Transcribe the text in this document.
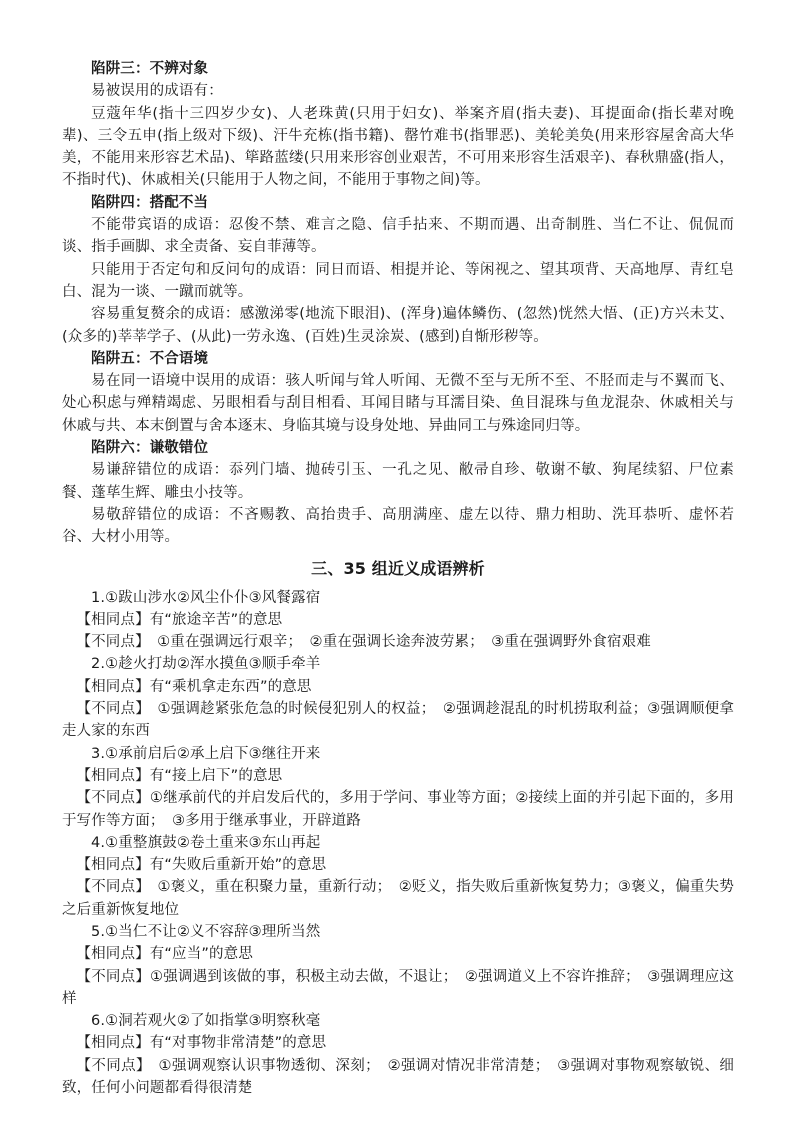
陷阱三：不辨对象

易被误用的成语有：

豆蔻年华(指十三四岁少女)、人老珠黄(只用于妇女)、举案齐眉(指夫妻)、耳提面命(指长辈对晚辈)、三令五申(指上级对下级)、汗牛充栋(指书籍)、罄竹难书(指罪恶)、美轮美奂(用来形容屋舍高大华美，不能用来形容艺术品)、筚路蓝缕(只用来形容创业艰苦，不可用来形容生活艰辛)、春秋鼎盛(指人，不指时代)、休戚相关(只能用于人物之间，不能用于事物之间)等。

陷阱四：搭配不当

不能带宾语的成语：忍俊不禁、难言之隐、信手拈来、不期而遇、出奇制胜、当仁不让、侃侃而谈、指手画脚、求全责备、妄自菲薄等。

只能用于否定句和反问句的成语：同日而语、相提并论、等闲视之、望其项背、天高地厚、青红皂白、混为一谈、一蹴而就等。

容易重复赘余的成语：感激涕零(地流下眼泪)、(浑身)遍体鳞伤、(忽然)恍然大悟、(正)方兴未艾、(众多的)莘莘学子、(从此)一劳永逸、(百姓)生灵涂炭、(感到)自惭形秽等。

陷阱五：不合语境

易在同一语境中误用的成语：骇人听闻与耸人听闻、无微不至与无所不至、不胫而走与不翼而飞、处心积虑与殚精竭虑、另眼相看与刮目相看、耳闻目睹与耳濡目染、鱼目混珠与鱼龙混杂、休戚相关与休戚与共、本末倒置与舍本逐末、身临其境与设身处地、异曲同工与殊途同归等。

陷阱六：谦敬错位

易谦辞错位的成语：忝列门墙、抛砖引玉、一孔之见、敝帚自珍、敬谢不敏、狗尾续貂、尸位素餐、蓬荜生辉、雕虫小技等。

易敬辞错位的成语：不吝赐教、高抬贵手、高朋满座、虚左以待、鼎力相助、洗耳恭听、虚怀若谷、大材小用等。

三、35 组近义成语辨析

1.①跋山涉水②风尘仆仆③风餐露宿

【相同点】有“旅途辛苦”的意思

【不同点】　①重在强调远行艰辛；　②重在强调长途奔波劳累；　③重在强调野外食宿艰难

2.①趁火打劫②浑水摸鱼③顺手牵羊

【相同点】有“乘机拿走东西”的意思

【不同点】　①强调趁紧张危急的时候侵犯别人的权益；　②强调趁混乱的时机捞取利益；③强调顺便拿走人家的东西

3.①承前启后②承上启下③继往开来

【相同点】有“接上启下”的意思

【不同点】①继承前代的并启发后代的，多用于学问、事业等方面；②接续上面的并引起下面的，多用于写作等方面；　③多用于继承事业，开辟道路

4.①重整旗鼓②卷土重来③东山再起

【相同点】有“失败后重新开始”的意思

【不同点】　①褒义，重在积聚力量，重新行动；　②贬义，指失败后重新恢复势力；③褒义，偏重失势之后重新恢复地位

5.①当仁不让②义不容辞③理所当然

【相同点】有“应当”的意思

【不同点】①强调遇到该做的事，积极主动去做，不退让；　②强调道义上不容许推辞；　③强调理应这样

6.①洞若观火②了如指掌③明察秋毫

【相同点】有“对事物非常清楚”的意思

【不同点】　①强调观察认识事物透彻、深刻；　②强调对情况非常清楚；　③强调对事物观察敏锐、细致，任何小问题都看得很清楚
